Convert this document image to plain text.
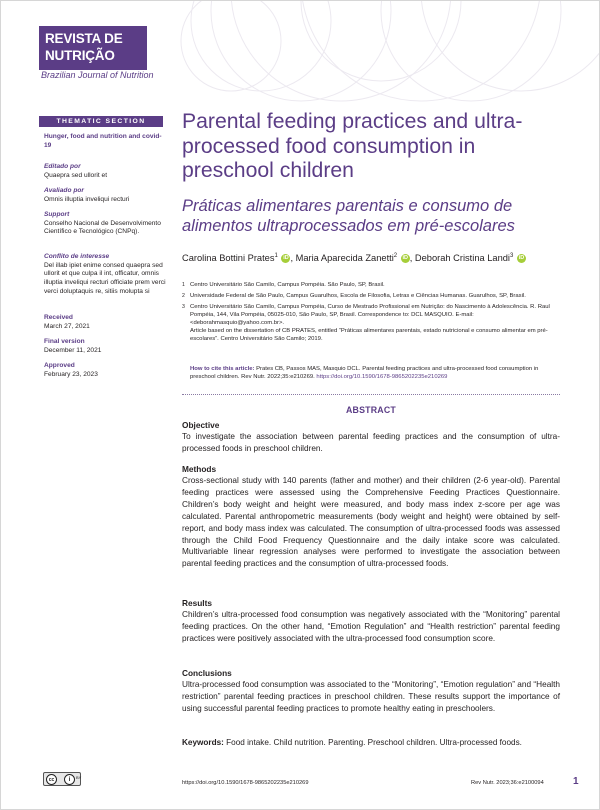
REVISTA DE
NUTRIÇÃO
Brazilian Journal of Nutrition
THEMATIC SECTION
Hunger, food and nutrition and covid-19
Editado por
Quaepra sed ullorit et
Avaliado por
Omnis illuptia inveliqui recturi
Support
Conselho Nacional de Desenvolvimento Científico e Tecnológico (CNPq).
Conflito de interesse
Del illab ipiet enime consed quaepra sed ullorit et que culpa il int, officatur, omnis illuptia inveliqui recturi officiate prem verci verci doluptaquis re, sitiis molupta si
Received
March 27, 2021
Final version
December 11, 2021
Approved
February 23, 2023
Parental feeding practices and ultra-processed food consumption in preschool children
Práticas alimentares parentais e consumo de alimentos ultraprocessados em pré-escolares
Carolina Bottini Prates$^1$ iD , Maria Aparecida Zanetti$^2$ iD , Deborah Cristina Landi$^3$ iD
1 Centro Universitário São Camilo, Campus Pompéia. São Paulo, SP, Brasil.
2 Universidade Federal de São Paulo, Campus Guarulhos, Escola de Filosofia, Letras e Ciências Humanas. Guarulhos, SP, Brasil.
3 Centro Universitário São Camilo, Campus Pompéia, Curso de Mestrado Profissional em Nutrição: do Nascimento à Adolescência. R. Raul Pompéia, 144, Vila Pompéia, 05025-010, São Paulo, SP, Brasil. Correspondence to: DCL MASQUIO. E-mail: <deborahmasquio@yahoo.com.br>.
Article based on the dissertation of CB PRATES, entitled “Práticas alimentares parentais, estado nutricional e consumo alimentar em pré-escolares”. Centro Universitário São Camilo; 2019.
How to cite this article: Prates CB, Passos MAS, Masquio DCL. Parental feeding practices and ultra-processed food consumption in preschool children. Rev Nutr. 2022;35:e210269. https://doi.org/10.1590/1678-9865202235e210269
ABSTRACT
Objective
To investigate the association between parental feeding practices and the consumption of ultra-processed foods in preschool children.
Methods
Cross-sectional study with 140 parents (father and mother) and their children (2-6 year-old). Parental feeding practices were assessed using the Comprehensive Feeding Practices Questionnaire. Children’s body weight and height were measured, and body mass index z-score per age was calculated. Parental anthropometric measurements (body weight and height) were obtained by self-report, and body mass index was calculated. The consumption of ultra-processed foods was assessed through the Child Food Frequency Questionnaire and the daily intake score was calculated. Multivariable linear regression analyses were performed to investigate the association between parental feeding practices and the consumption of ultra-processed foods.
Results
Children’s ultra-processed food consumption was negatively associated with the “Monitoring” parental feeding practices. On the other hand, “Emotion Regulation” and “Health restriction” parental feeding practices were positively associated with the ultra-processed food consumption score.
Conclusions
Ultra-processed food consumption was associated to the “Monitoring”, “Emotion regulation” and “Health restriction” parental feeding practices in preschool children. These results support the importance of using successful parental feeding practices to promote healthy eating in preschoolers.
Keywords: Food intake. Child nutrition. Parenting. Preschool children. Ultra-processed foods.
cc	i	BY
https://doi.org/10.1590/1678-9865202235e210269	Rev Nutr. 2023;36:e2100094	1
